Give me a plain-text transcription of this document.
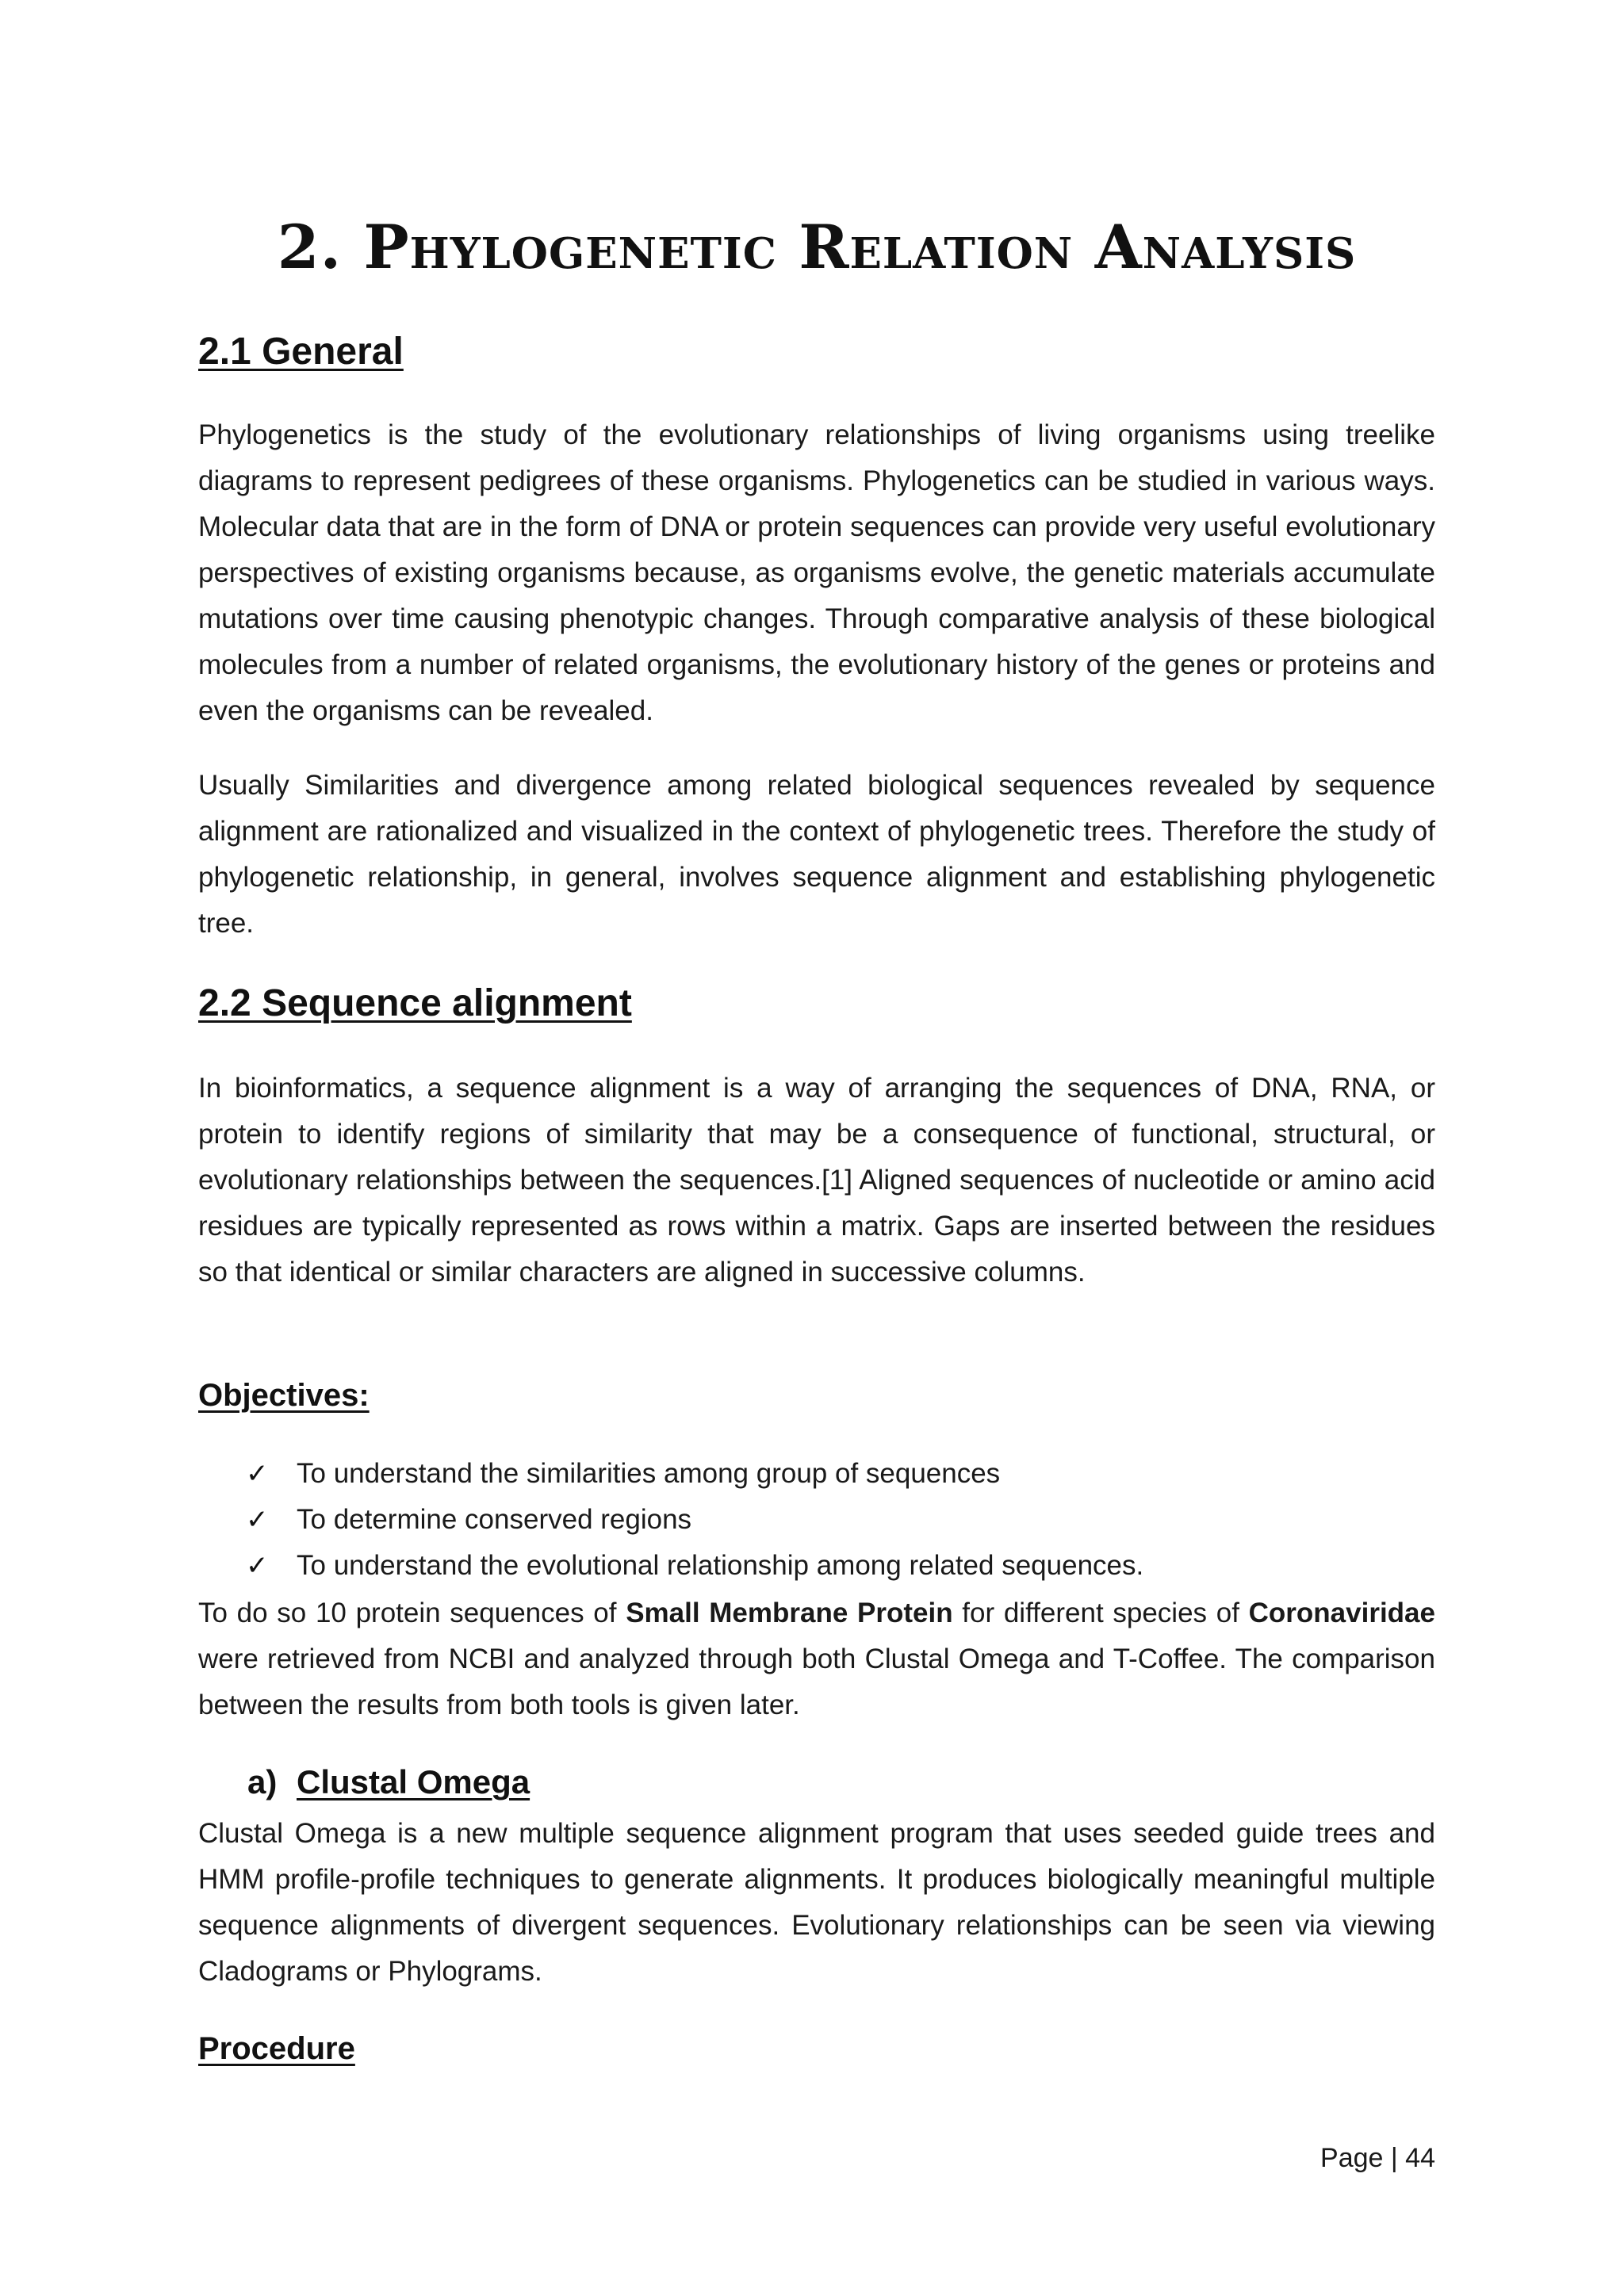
2. Phylogenetic Relation Analysis
2.1 General

Phylogenetics is the study of the evolutionary relationships of living organisms using treelike diagrams to represent pedigrees of these organisms. Phylogenetics can be studied in various ways. Molecular data that are in the form of DNA or protein sequences can provide very useful evolutionary perspectives of existing organisms because, as organisms evolve, the genetic materials accumulate mutations over time causing phenotypic changes. Through comparative analysis of these biological molecules from a number of related organisms, the evolutionary history of the genes or proteins and even the organisms can be revealed.

Usually Similarities and divergence among related biological sequences revealed by sequence alignment are rationalized and visualized in the context of phylogenetic trees. Therefore the study of phylogenetic relationship, in general, involves sequence alignment and establishing phylogenetic tree.

2.2 Sequence alignment

In bioinformatics, a sequence alignment is a way of arranging the sequences of DNA, RNA, or protein to identify regions of similarity that may be a consequence of functional, structural, or evolutionary relationships between the sequences.[1] Aligned sequences of nucleotide or amino acid residues are typically represented as rows within a matrix. Gaps are inserted between the residues so that identical or similar characters are aligned in successive columns.

Objectives:
✓	To understand the similarities among group of sequences
✓	To determine conserved regions
✓	To understand the evolutional relationship among related sequences.

To do so 10 protein sequences of Small Membrane Protein for different species of Coronaviridae were retrieved from NCBI and analyzed through both Clustal Omega and T-Coffee. The comparison between the results from both tools is given later.

a) Clustal Omega

Clustal Omega is a new multiple sequence alignment program that uses seeded guide trees and HMM profile-profile techniques to generate alignments. It produces biologically meaningful multiple sequence alignments of divergent sequences. Evolutionary relationships can be seen via viewing Cladograms or Phylograms.

Procedure
Page | 44
